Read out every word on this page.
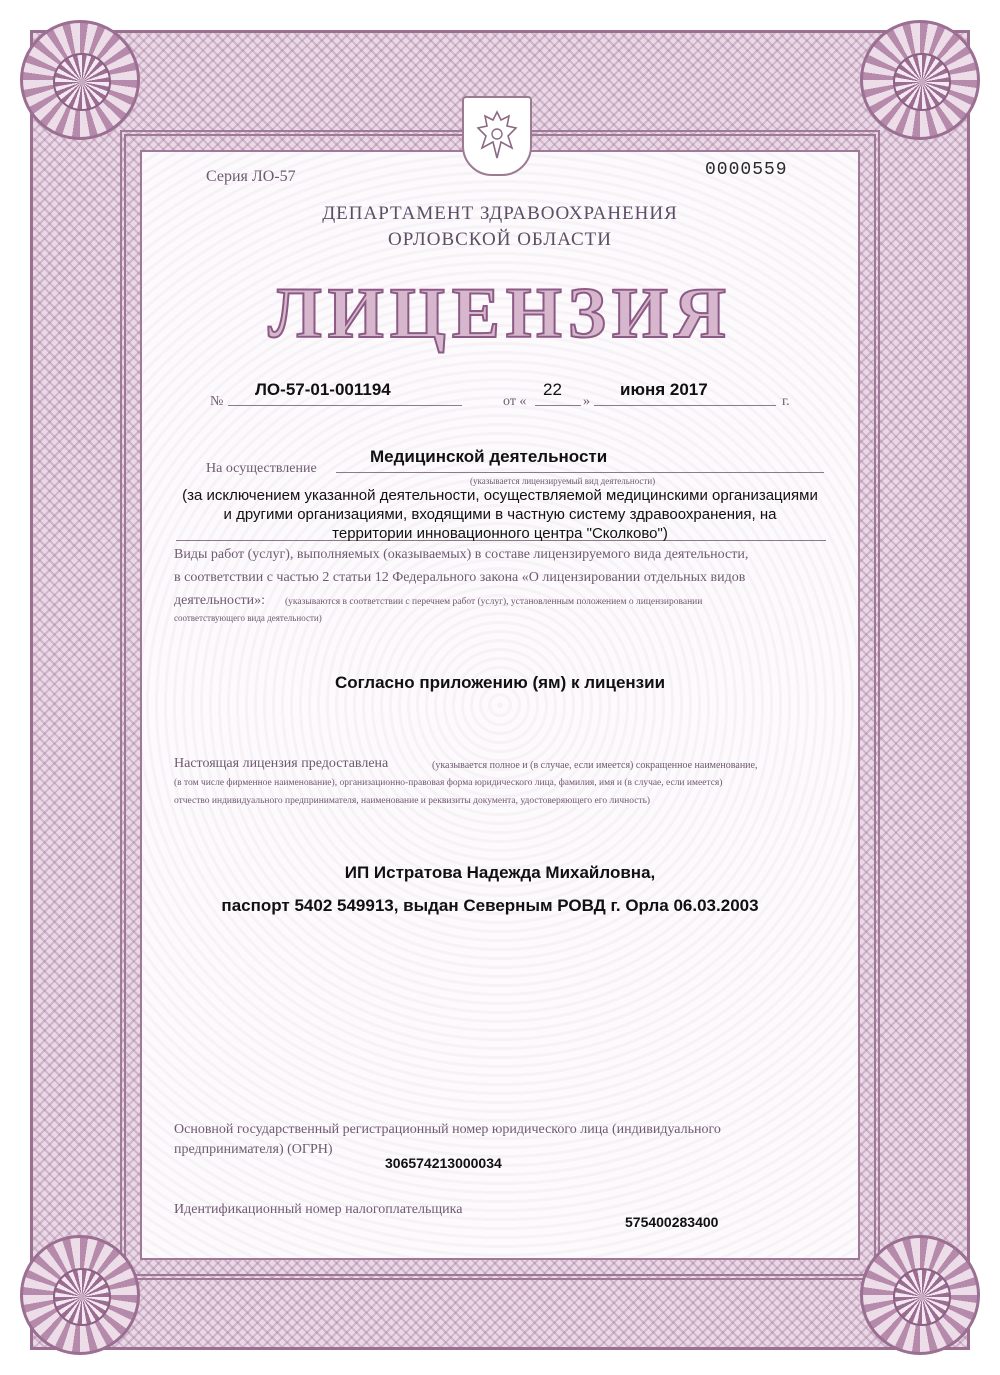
Серия ЛО-57	0000559
ДЕПАРТАМЕНТ ЗДРАВООХРАНЕНИЯ
ОРЛОВСКОЙ ОБЛАСТИ
ЛИЦЕНЗИЯ
№
ЛО-57-01-001194
от «
22
»
июня 2017
г.
На осуществление
Медицинской деятельности
(указывается лицензируемый вид деятельности)
(за исключением указанной деятельности, осуществляемой медицинскими организациями
и другими организациями, входящими в частную систему здравоохранения, на
территории инновационного центра "Сколково")
Виды работ (услуг), выполняемых (оказываемых) в составе лицензируемого вида деятельности,
в соответствии с частью 2 статьи 12 Федерального закона «О лицензировании отдельных видов
деятельности»: (указываются в соответствии с перечнем работ (услуг), установленным положением о лицензировании
соответствующего вида деятельности)
Согласно приложению (ям) к лицензии
Настоящая лицензия предоставлена	(указывается полное и (в случае, если имеется) сокращенное наименование,
(в том числе фирменное наименование), организационно-правовая форма юридического лица, фамилия, имя и (в случае, если имеется)
отчество индивидуального предпринимателя, наименование и реквизиты документа, удостоверяющего его личность)
ИП Истратова Надежда Михайловна,
паспорт 5402 549913, выдан Северным РОВД г. Орла 06.03.2003
Основной государственный регистрационный номер юридического лица (индивидуального
предпринимателя) (ОГРН)
306574213000034
Идентификационный номер налогоплательщика
575400283400
